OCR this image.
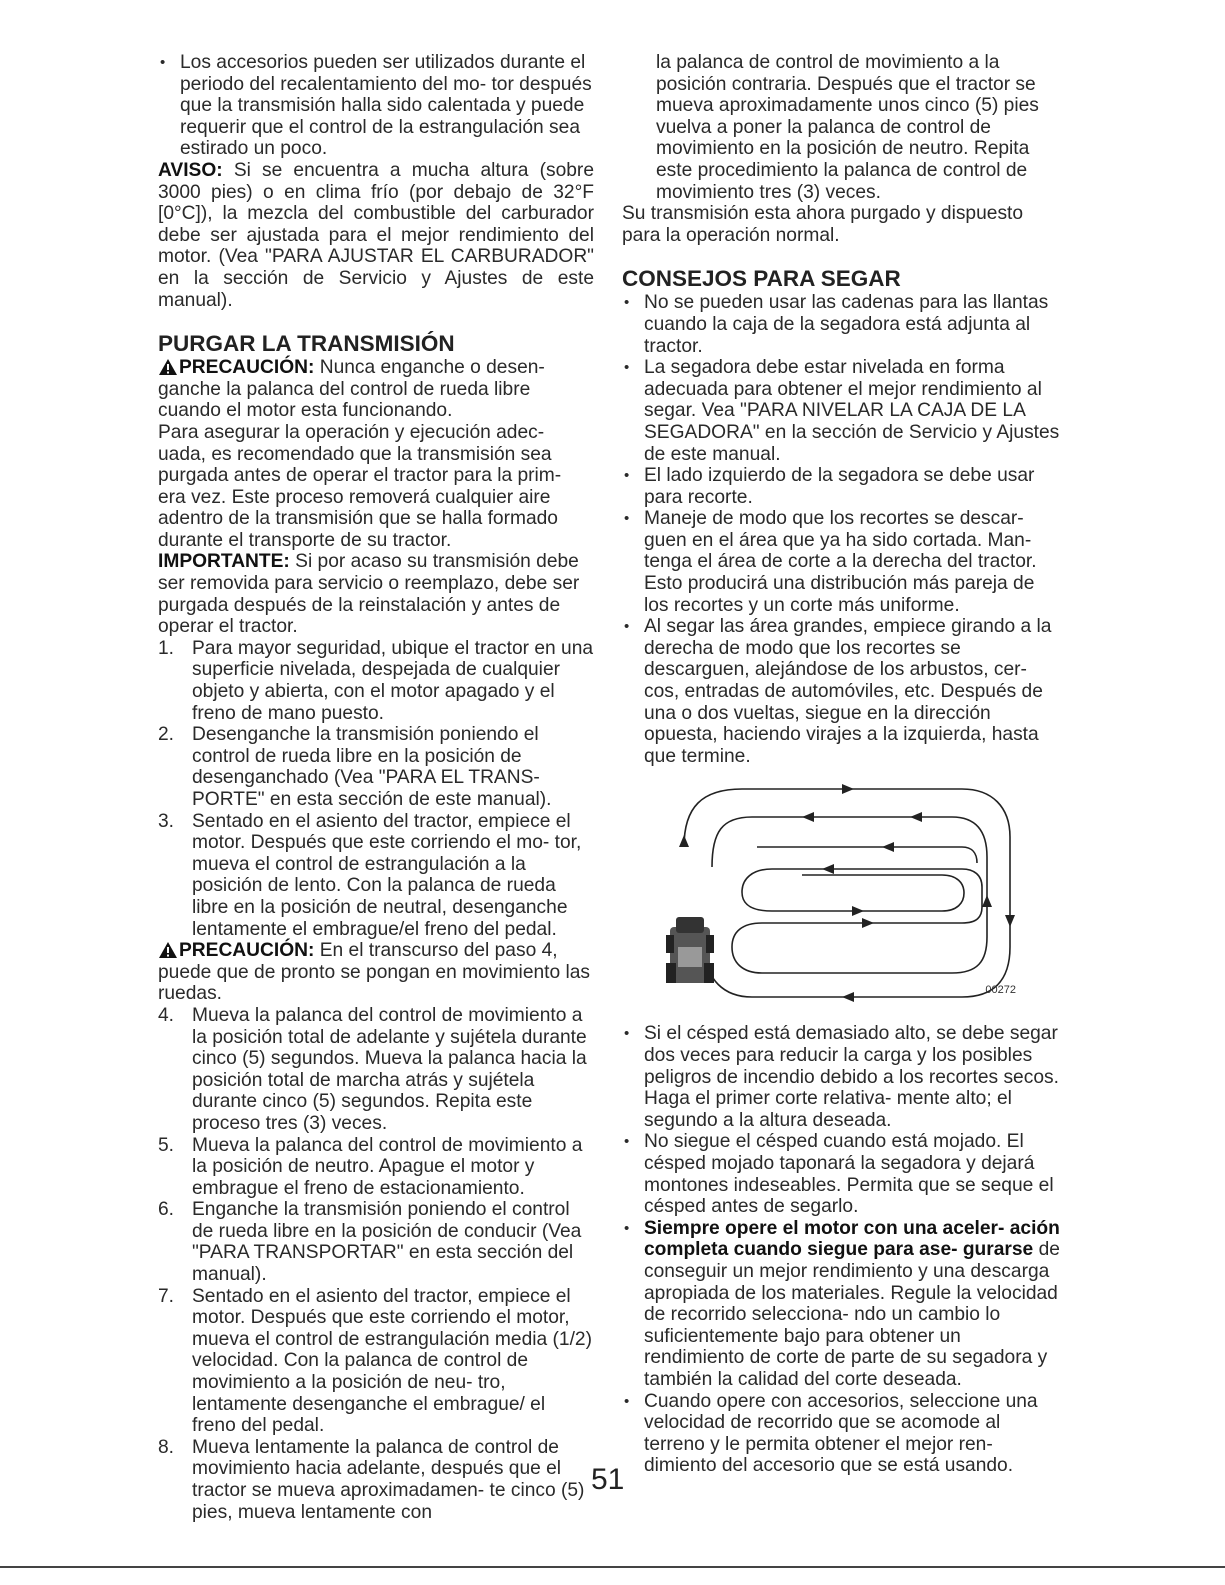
• Los accesorios pueden ser utilizados durante el periodo del recalentamiento del mo- tor después que la transmisión halla sido calentada y puede requerir que el control de la estrangulación sea estirado un poco.

AVISO: Si se encuentra a mucha altura (sobre 3000 pies) o en clima frío (por debajo de 32°F [0°C]), la mezcla del combustible del carburador debe ser ajustada para el mejor rendimiento del motor. (Vea "PARA AJUSTAR EL CARBURADOR" en la sección de Servicio y Ajustes de este manual).

PURGAR LA TRANSMISIÓN

PRECAUCIÓN: Nunca enganche o desen- ganche la palanca del control de rueda libre cuando el motor esta funcionando.

Para asegurar la operación y ejecución adec- uada, es recomendado que la transmisión sea purgada antes de operar el tractor para la prim- era vez. Este proceso removerá cualquier aire adentro de la transmisión que se halla formado durante el transporte de su tractor.

IMPORTANTE: Si por acaso su transmisión debe ser removida para servicio o reemplazo, debe ser purgada después de la reinstalación y antes de operar el tractor.

1. Para mayor seguridad, ubique el tractor en una superficie nivelada, despejada de cualquier objeto y abierta, con el motor apagado y el freno de mano puesto.

2. Desenganche la transmisión poniendo el control de rueda libre en la posición de desenganchado (Vea "PARA EL TRANS- PORTE" en esta sección de este manual).

3. Sentado en el asiento del tractor, empiece el motor. Después que este corriendo el mo- tor, mueva el control de estrangulación a la posición de lento. Con la palanca de rueda libre en la posición de neutral, desenganche lentamente el embrague/el freno del pedal.

PRECAUCIÓN: En el transcurso del paso 4, puede que de pronto se pongan en movimiento las ruedas.

4. Mueva la palanca del control de movimiento a la posición total de adelante y sujétela durante cinco (5) segundos. Mueva la palanca hacia la posición total de marcha atrás y sujétela durante cinco (5) segundos. Repita este proceso tres (3) veces.

5. Mueva la palanca del control de movimiento a la posición de neutro. Apague el motor y embrague el freno de estacionamiento.

6. Enganche la transmisión poniendo el control de rueda libre en la posición de conducir (Vea "PARA TRANSPORTAR" en esta sección del manual).

7. Sentado en el asiento del tractor, empiece el motor. Después que este corriendo el motor, mueva el control de estrangulación media (1/2) velocidad. Con la palanca de control de movimiento a la posición de neu- tro, lentamente desenganche el embrague/ el freno del pedal.

8. Mueva lentamente la palanca de control de movimiento hacia adelante, después que el tractor se mueva aproximadamen- te cinco (5) pies, mueva lentamente con

la palanca de control de movimiento a la posición contraria. Después que el tractor se mueva aproximadamente unos cinco (5) pies vuelva a poner la palanca de control de movimiento en la posición de neutro. Repita este procedimiento la palanca de control de movimiento tres (3) veces.

Su transmisión esta ahora purgado y dispuesto para la operación normal.

CONSEJOS PARA SEGAR

• No se pueden usar las cadenas para las llantas cuando la caja de la segadora está adjunta al tractor.

• La segadora debe estar nivelada en forma adecuada para obtener el mejor rendimiento al segar. Vea "PARA NIVELAR LA CAJA DE LA SEGADORA" en la sección de Servicio y Ajustes de este manual.

• El lado izquierdo de la segadora se debe usar para recorte.

• Maneje de modo que los recortes se descar- guen en el área que ya ha sido cortada. Man- tenga el área de corte a la derecha del tractor. Esto producirá una distribución más pareja de los recortes y un corte más uniforme.

• Al segar las área grandes, empiece girando a la derecha de modo que los recortes se descarguen, alejándose de los arbustos, cer- cos, entradas de automóviles, etc. Después de una o dos vueltas, siegue en la dirección opuesta, haciendo virajes a la izquierda, hasta que termine.

00272

• Si el césped está demasiado alto, se debe segar dos veces para reducir la carga y los posibles peligros de incendio debido a los recortes secos. Haga el primer corte relativa- mente alto; el segundo a la altura deseada.

• No siegue el césped cuando está mojado. El césped mojado taponará la segadora y dejará montones indeseables. Permita que se seque el césped antes de segarlo.

• Siempre opere el motor con una aceler- ación completa cuando siegue para ase- gurarse de conseguir un mejor rendimiento y una descarga apropiada de los materiales. Regule la velocidad de recorrido selecciona- ndo un cambio lo suficientemente bajo para obtener un rendimiento de corte de parte de su segadora y también la calidad del corte deseada.

• Cuando opere con accesorios, seleccione una velocidad de recorrido que se acomode al terreno y le permita obtener el mejor ren- dimiento del accesorio que se está usando.

51
